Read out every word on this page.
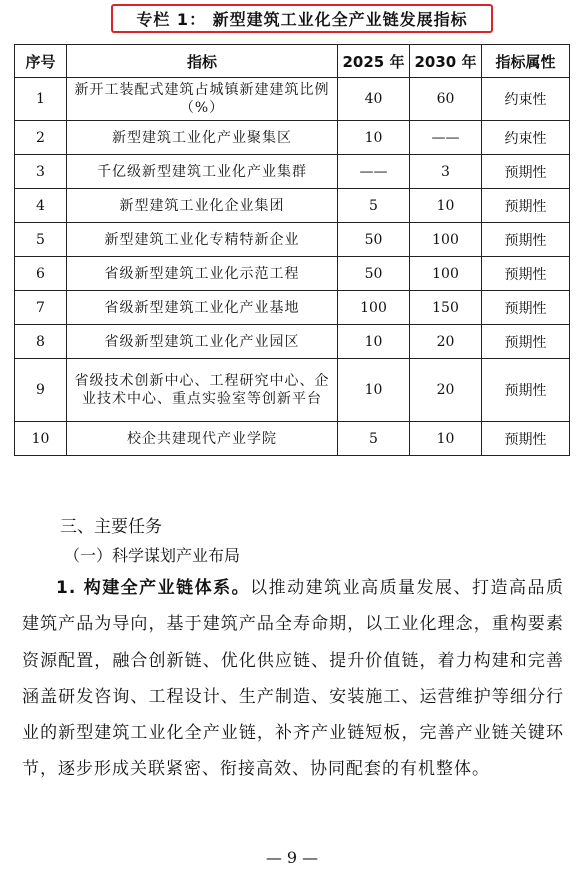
专栏 1： 新型建筑工业化全产业链发展指标
序号	指标	2025 年	2030 年	指标属性
1	新开工装配式建筑占城镇新建建筑比例（%）	40	60	约束性
2	新型建筑工业化产业聚集区	10	——	约束性
3	千亿级新型建筑工业化产业集群	——	3	预期性
4	新型建筑工业化企业集团	5	10	预期性
5	新型建筑工业化专精特新企业	50	100	预期性
6	省级新型建筑工业化示范工程	50	100	预期性
7	省级新型建筑工业化产业基地	100	150	预期性
8	省级新型建筑工业化产业园区	10	20	预期性
9	省级技术创新中心、工程研究中心、企业技术中心、重点实验室等创新平台	10	20	预期性
10	校企共建现代产业学院	5	10	预期性
三、主要任务
（一）科学谋划产业布局
1. 构建全产业链体系。以推动建筑业高质量发展、打造高品质建筑产品为导向，基于建筑产品全寿命期，以工业化理念，重构要素资源配置，融合创新链、优化供应链、提升价值链，着力构建和完善涵盖研发咨询、工程设计、生产制造、安装施工、运营维护等细分行业的新型建筑工业化全产业链，补齐产业链短板，完善产业链关键环节，逐步形成关联紧密、衔接高效、协同配套的有机整体。
— 9 —
